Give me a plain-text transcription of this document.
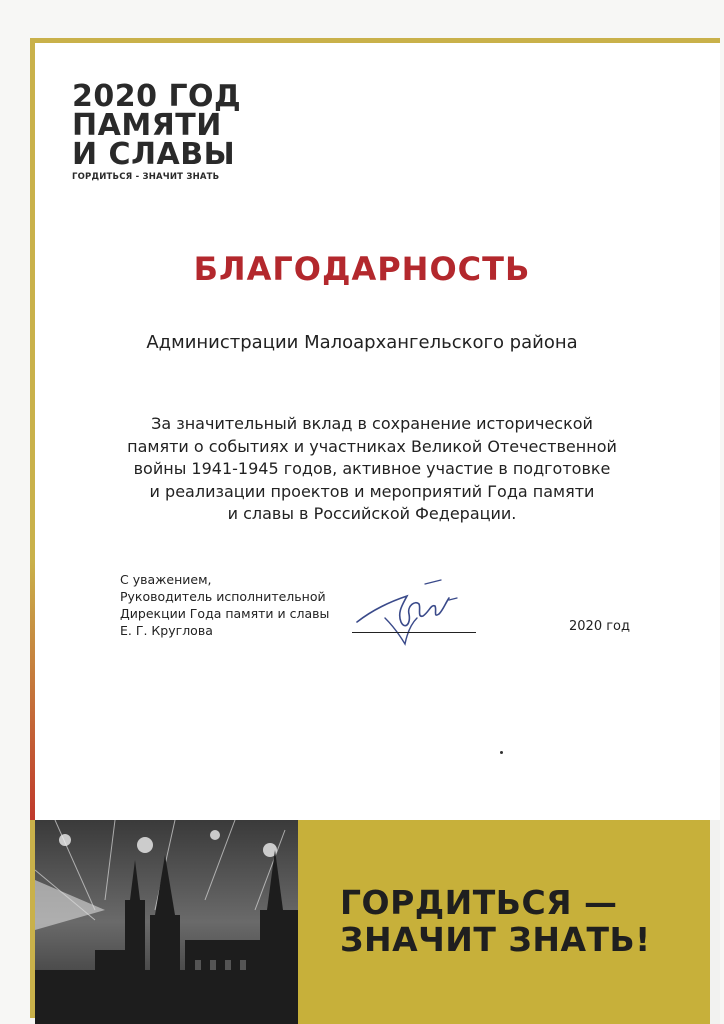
2020 ГОД
ПАМЯТИ
И СЛАВЫ
ГОРДИТЬСЯ - ЗНАЧИТ ЗНАТЬ
БЛАГОДАРНОСТЬ
Администрации Малоархангельского района
За значительный вклад в сохранение исторической
памяти о событиях и участниках Великой Отечественной
войны 1941-1945 годов, активное участие в подготовке
и реализации проектов и мероприятий Года памяти
и славы в Российской Федерации.
С уважением,
Руководитель исполнительной
Дирекции Года памяти и славы
Е. Г. Круглова	2020 год
ГОРДИТЬСЯ —
ЗНАЧИТ ЗНАТЬ!
